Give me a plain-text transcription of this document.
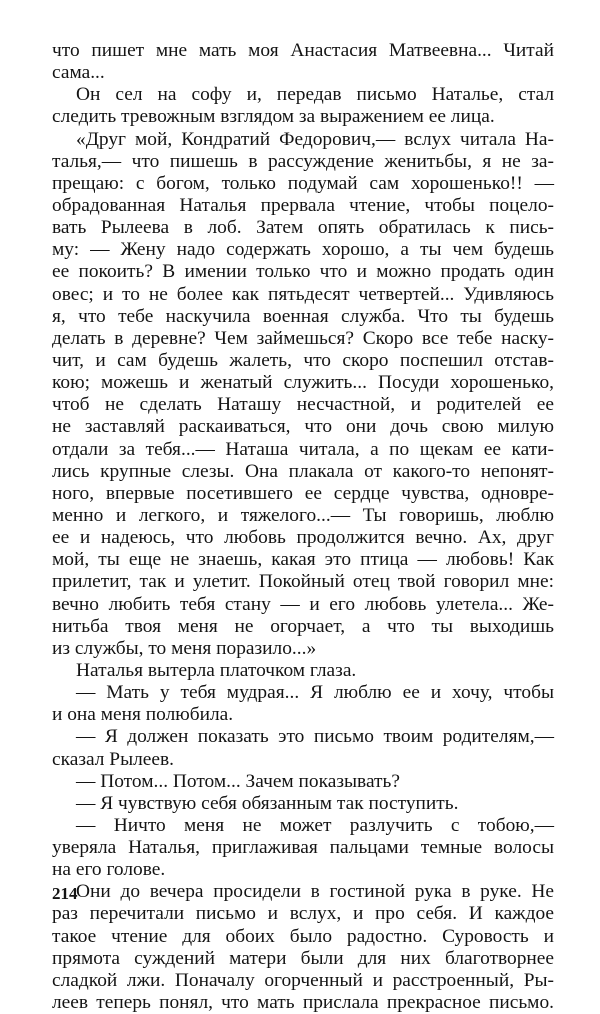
что пишет мне мать моя Анастасия Матвеевна... Читай
сама...
Он сел на софу и, передав письмо Наталье, стал
следить тревожным взглядом за выражением ее лица.
«Друг мой, Кондратий Федорович,— вслух читала На-
талья,— что пишешь в рассуждение женитьбы, я не за-
прещаю: с богом, только подумай сам хорошенько!! —
обрадованная Наталья прервала чтение, чтобы поцело-
вать Рылеева в лоб. Затем опять обратилась к пись-
му: — Жену надо содержать хорошо, а ты чем будешь
ее покоить? В имении только что и можно продать один
овес; и то не более как пятьдесят четвертей... Удивляюсь
я, что тебе наскучила военная служба. Что ты будешь
делать в деревне? Чем займешься? Скоро все тебе наску-
чит, и сам будешь жалеть, что скоро поспешил отстав-
кою; можешь и женатый служить... Посуди хорошенько,
чтоб не сделать Наташу несчастной, и родителей ее
не заставляй раскаиваться, что они дочь свою милую
отдали за тебя...— Наташа читала, а по щекам ее кати-
лись крупные слезы. Она плакала от какого-то непонят-
ного, впервые посетившего ее сердце чувства, одновре-
менно и легкого, и тяжелого...— Ты говоришь, люблю
ее и надеюсь, что любовь продолжится вечно. Ах, друг
мой, ты еще не знаешь, какая это птица — любовь! Как
прилетит, так и улетит. Покойный отец твой говорил мне:
вечно любить тебя стану — и его любовь улетела... Же-
нитьба твоя меня не огорчает, а что ты выходишь
из службы, то меня поразило...»
Наталья вытерла платочком глаза.
— Мать у тебя мудрая... Я люблю ее и хочу, чтобы
и она меня полюбила.
— Я должен показать это письмо твоим родителям,—
сказал Рылеев.
— Потом... Потом... Зачем показывать?
— Я чувствую себя обязанным так поступить.
— Ничто меня не может разлучить с тобою,—
уверяла Наталья, приглаживая пальцами темные волосы
на его голове.
Они до вечера просидели в гостиной рука в руке. Не
раз перечитали письмо и вслух, и про себя. И каждое
такое чтение для обоих было радостно. Суровость и
прямота суждений матери были для них благотворнее
сладкой лжи. Поначалу огорченный и расстроенный, Ры-
леев теперь понял, что мать прислала прекрасное письмо.
214
